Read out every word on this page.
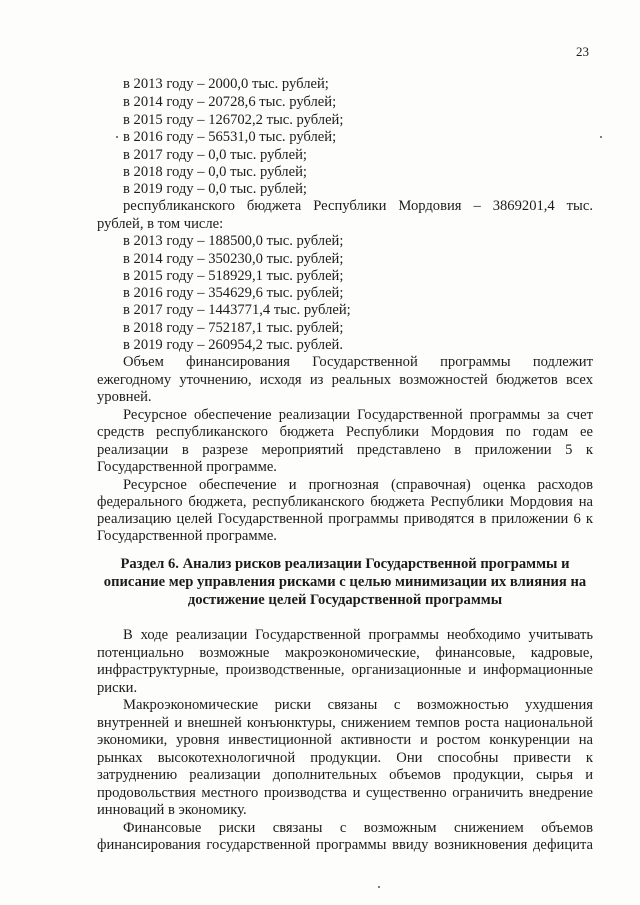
23
в 2013 году – 2000,0 тыс. рублей;
в 2014 году – 20728,6 тыс. рублей;
в 2015 году – 126702,2 тыс. рублей;
в 2016 году – 56531,0 тыс. рублей;
в 2017 году – 0,0 тыс. рублей;
в 2018 году – 0,0 тыс. рублей;
в 2019 году – 0,0 тыс. рублей;
республиканского бюджета Республики Мордовия – 3869201,4 тыс.
рублей, в том числе:
в 2013 году – 188500,0 тыс. рублей;
в 2014 году – 350230,0 тыс. рублей;
в 2015 году – 518929,1 тыс. рублей;
в 2016 году – 354629,6 тыс. рублей;
в 2017 году – 1443771,4 тыс. рублей;
в 2018 году – 752187,1 тыс. рублей;
в 2019 году – 260954,2 тыс. рублей.
Объем финансирования Государственной программы подлежит
ежегодному уточнению, исходя из реальных возможностей бюджетов всех
уровней.
Ресурсное обеспечение реализации Государственной программы за счет
средств республиканского бюджета Республики Мордовия по годам ее
реализации в разрезе мероприятий представлено в приложении 5 к
Государственной программе.
Ресурсное обеспечение и прогнозная (справочная) оценка расходов
федерального бюджета, республиканского бюджета Республики Мордовия на
реализацию целей Государственной программы приводятся в приложении 6 к
Государственной программе.
Раздел 6. Анализ рисков реализации Государственной программы и
описание мер управления рисками с целью минимизации их влияния на
достижение целей Государственной программы
В ходе реализации Государственной программы необходимо учитывать
потенциально возможные макроэкономические, финансовые, кадровые,
инфраструктурные, производственные, организационные и информационные
риски.
Макроэкономические риски связаны с возможностью ухудшения
внутренней и внешней конъюнктуры, снижением темпов роста национальной
экономики, уровня инвестиционной активности и ростом конкуренции на
рынках высокотехнологичной продукции. Они способны привести к
затруднению реализации дополнительных объемов продукции, сырья и
продовольствия местного производства и существенно ограничить внедрение
инноваций в экономику.
Финансовые риски связаны с возможным снижением объемов
финансирования государственной программы ввиду возникновения дефицита
